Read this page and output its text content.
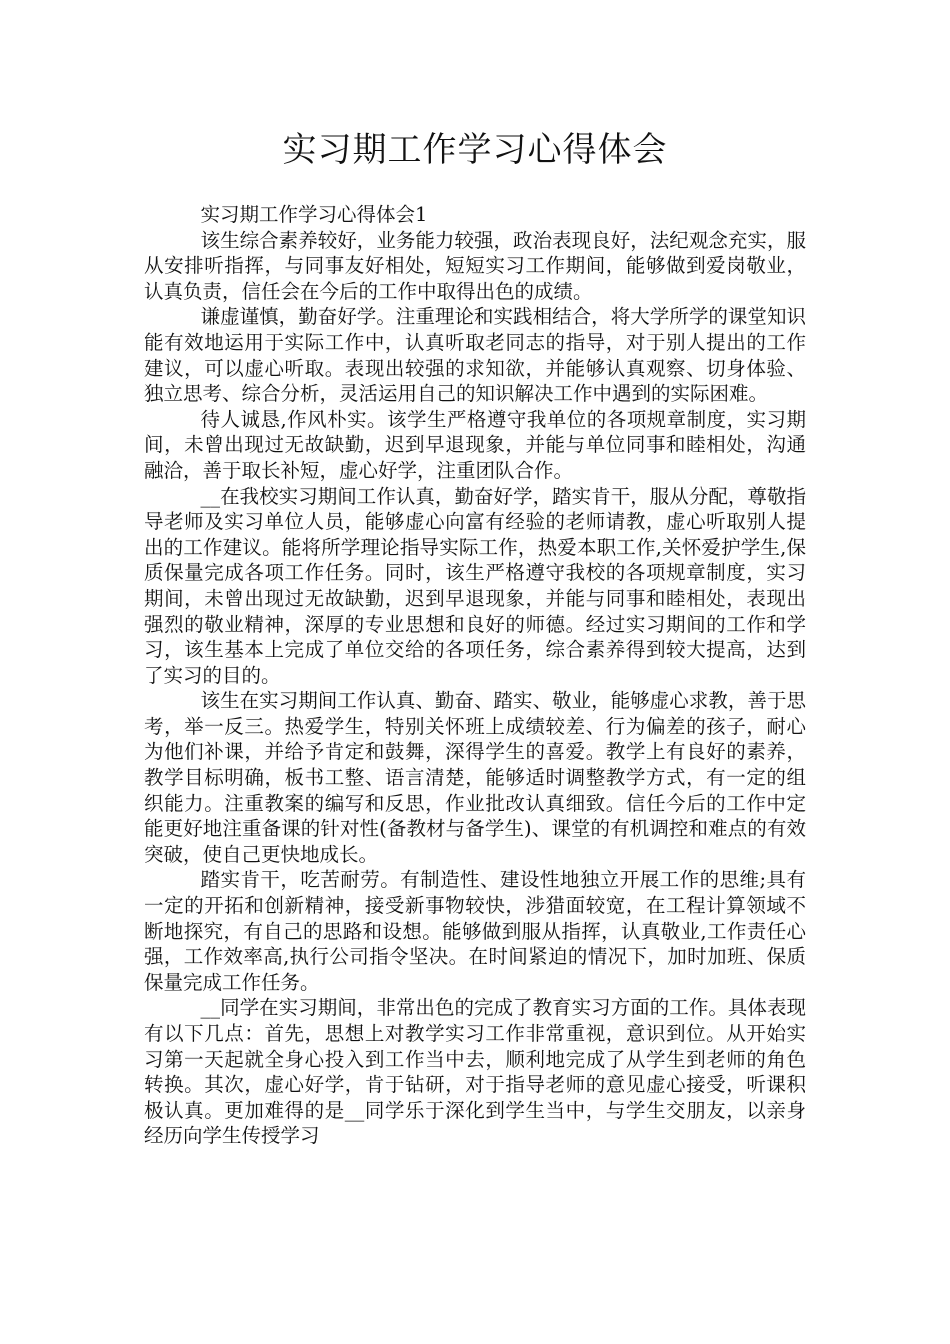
实习期工作学习心得体会

实习期工作学习心得体会1

该生综合素养较好，业务能力较强，政治表现良好，法纪观念充实，服从安排听指挥，与同事友好相处，短短实习工作期间，能够做到爱岗敬业，认真负责，信任会在今后的工作中取得出色的成绩。

谦虚谨慎，勤奋好学。注重理论和实践相结合，将大学所学的课堂知识能有效地运用于实际工作中，认真听取老同志的指导，对于别人提出的工作建议，可以虚心听取。表现出较强的求知欲，并能够认真观察、切身体验、独立思考、综合分析，灵活运用自己的知识解决工作中遇到的实际困难。

待人诚恳,作风朴实。该学生严格遵守我单位的各项规章制度，实习期间，未曾出现过无故缺勤，迟到早退现象，并能与单位同事和睦相处，沟通融洽，善于取长补短，虚心好学，注重团队合作。

__在我校实习期间工作认真，勤奋好学，踏实肯干，服从分配，尊敬指导老师及实习单位人员，能够虚心向富有经验的老师请教，虚心听取别人提出的工作建议。能将所学理论指导实际工作，热爱本职工作,关怀爱护学生,保质保量完成各项工作任务。同时，该生严格遵守我校的各项规章制度，实习期间，未曾出现过无故缺勤，迟到早退现象，并能与同事和睦相处，表现出强烈的敬业精神，深厚的专业思想和良好的师德。经过实习期间的工作和学习，该生基本上完成了单位交给的各项任务，综合素养得到较大提高，达到了实习的目的。

该生在实习期间工作认真、勤奋、踏实、敬业，能够虚心求教，善于思考，举一反三。热爱学生，特别关怀班上成绩较差、行为偏差的孩子，耐心为他们补课，并给予肯定和鼓舞，深得学生的喜爱。教学上有良好的素养，教学目标明确，板书工整、语言清楚，能够适时调整教学方式，有一定的组织能力。注重教案的编写和反思，作业批改认真细致。信任今后的工作中定能更好地注重备课的针对性(备教材与备学生)、课堂的有机调控和难点的有效突破，使自己更快地成长。

踏实肯干，吃苦耐劳。有制造性、建设性地独立开展工作的思维;具有一定的开拓和创新精神，接受新事物较快，涉猎面较宽，在工程计算领域不断地探究，有自己的思路和设想。能够做到服从指挥，认真敬业,工作责任心强，工作效率高,执行公司指令坚决。在时间紧迫的情况下，加时加班、保质保量完成工作任务。

__同学在实习期间，非常出色的完成了教育实习方面的工作。具体表现有以下几点：首先，思想上对教学实习工作非常重视，意识到位。从开始实习第一天起就全身心投入到工作当中去，顺利地完成了从学生到老师的角色转换。其次，虚心好学，肯于钻研，对于指导老师的意见虚心接受，听课积极认真。更加难得的是__同学乐于深化到学生当中，与学生交朋友，以亲身经历向学生传授学习
